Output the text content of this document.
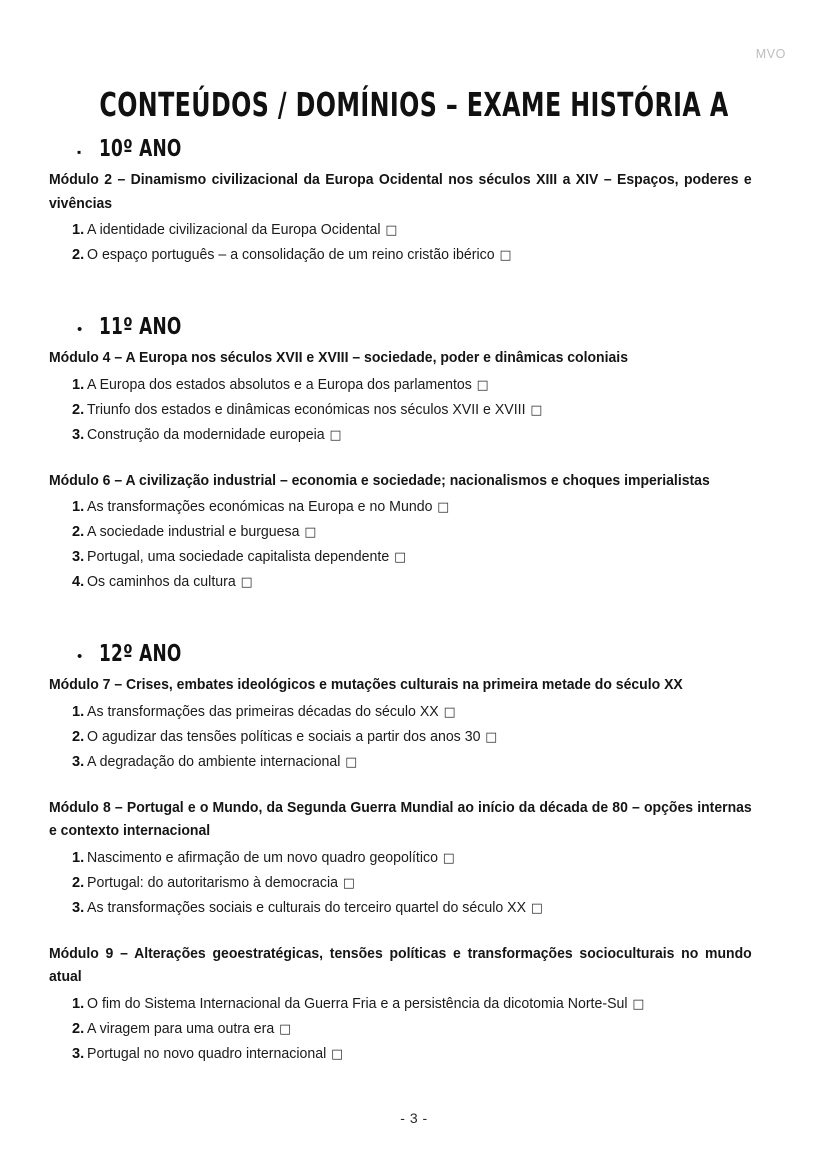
MVO
CONTEÚDOS / DOMÍNIOS – EXAME HISTÓRIA A
▪
10º ANO

Módulo 2 – Dinamismo civilizacional da Europa Ocidental nos séculos XIII a XIV – Espaços, poderes e vivências

1. A identidade civilizacional da Europa Ocidental □
2. O espaço português – a consolidação de um reino cristão ibérico □
•
11º ANO

Módulo 4 – A Europa nos séculos XVII e XVIII – sociedade, poder e dinâmicas coloniais

1. A Europa dos estados absolutos e a Europa dos parlamentos □
2. Triunfo dos estados e dinâmicas económicas nos séculos XVII e XVIII □
3. Construção da modernidade europeia □

Módulo 6 – A civilização industrial – economia e sociedade; nacionalismos e choques imperialistas

1. As transformações económicas na Europa e no Mundo □
2. A sociedade industrial e burguesa □
3. Portugal, uma sociedade capitalista dependente □
4. Os caminhos da cultura □
•
12º ANO

Módulo 7 – Crises, embates ideológicos e mutações culturais na primeira metade do século XX

1. As transformações das primeiras décadas do século XX □
2. O agudizar das tensões políticas e sociais a partir dos anos 30 □
3. A degradação do ambiente internacional □

Módulo 8 – Portugal e o Mundo, da Segunda Guerra Mundial ao início da década de 80 – opções internas e contexto internacional

1. Nascimento e afirmação de um novo quadro geopolítico □
2. Portugal: do autoritarismo à democracia □
3. As transformações sociais e culturais do terceiro quartel do século XX □

Módulo 9 – Alterações geoestratégicas, tensões políticas e transformações socioculturais no mundo atual

1. O fim do Sistema Internacional da Guerra Fria e a persistência da dicotomia Norte-Sul □
2. A viragem para uma outra era □
3. Portugal no novo quadro internacional □
- 3 -
